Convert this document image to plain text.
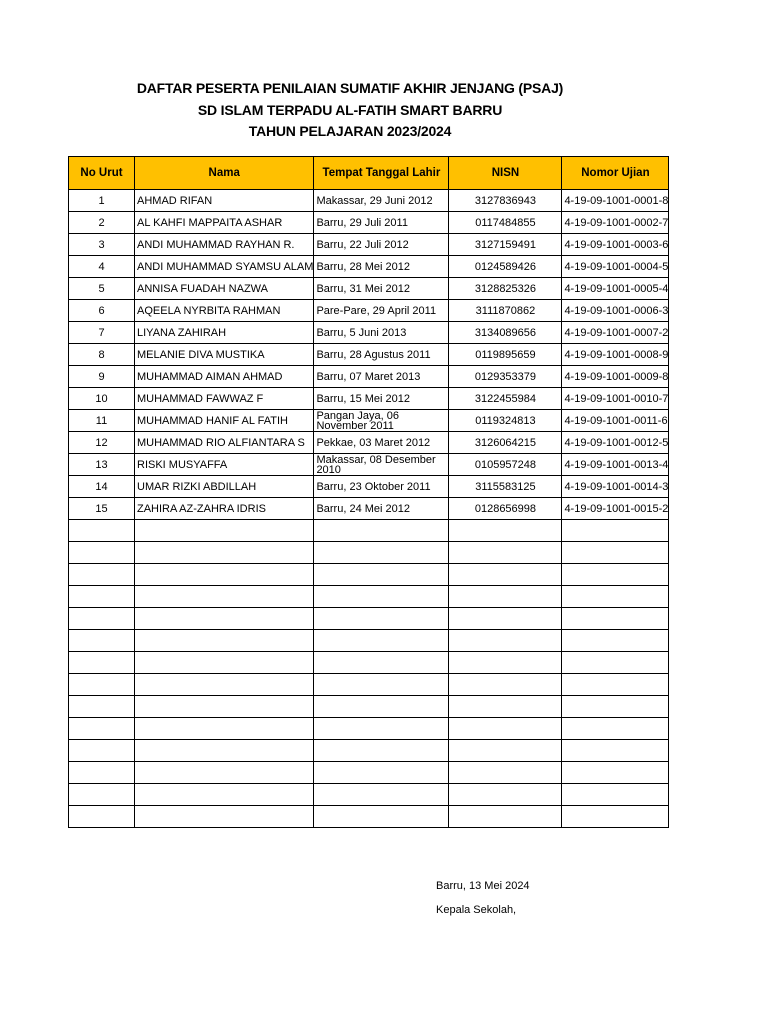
DAFTAR PESERTA PENILAIAN SUMATIF AKHIR JENJANG (PSAJ)
SD ISLAM TERPADU AL-FATIH SMART BARRU
TAHUN PELAJARAN 2023/2024
No Urut	Nama	Tempat Tanggal Lahir	NISN	Nomor Ujian
1	AHMAD RIFAN	Makassar, 29 Juni 2012	3127836943	4-19-09-1001-0001-8
2	AL KAHFI MAPPAITA ASHAR	Barru, 29 Juli 2011	0117484855	4-19-09-1001-0002-7
3	ANDI MUHAMMAD RAYHAN R.	Barru, 22 Juli 2012	3127159491	4-19-09-1001-0003-6
4	ANDI MUHAMMAD SYAMSU ALAM	Barru, 28 Mei 2012	0124589426	4-19-09-1001-0004-5
5	ANNISA FUADAH NAZWA	Barru, 31 Mei 2012	3128825326	4-19-09-1001-0005-4
6	AQEELA NYRBITA RAHMAN	Pare-Pare, 29 April 2011	3111870862	4-19-09-1001-0006-3
7	LIYANA ZAHIRAH	Barru, 5 Juni 2013	3134089656	4-19-09-1001-0007-2
8	MELANIE DIVA MUSTIKA	Barru, 28 Agustus 2011	0119895659	4-19-09-1001-0008-9
9	MUHAMMAD AIMAN AHMAD	Barru, 07 Maret 2013	0129353379	4-19-09-1001-0009-8
10	MUHAMMAD FAWWAZ F	Barru, 15 Mei 2012	3122455984	4-19-09-1001-0010-7
11	MUHAMMAD HANIF AL FATIH	Pangan Jaya, 06 November 2011	0119324813	4-19-09-1001-0011-6
12	MUHAMMAD RIO ALFIANTARA S	Pekkae, 03 Maret 2012	3126064215	4-19-09-1001-0012-5
13	RISKI MUSYAFFA	Makassar, 08 Desember 2010	0105957248	4-19-09-1001-0013-4
14	UMAR RIZKI ABDILLAH	Barru, 23 Oktober 2011	3115583125	4-19-09-1001-0014-3
15	ZAHIRA AZ-ZAHRA IDRIS	Barru, 24 Mei 2012	0128656998	4-19-09-1001-0015-2

Barru, 13 Mei 2024
Kepala Sekolah,
